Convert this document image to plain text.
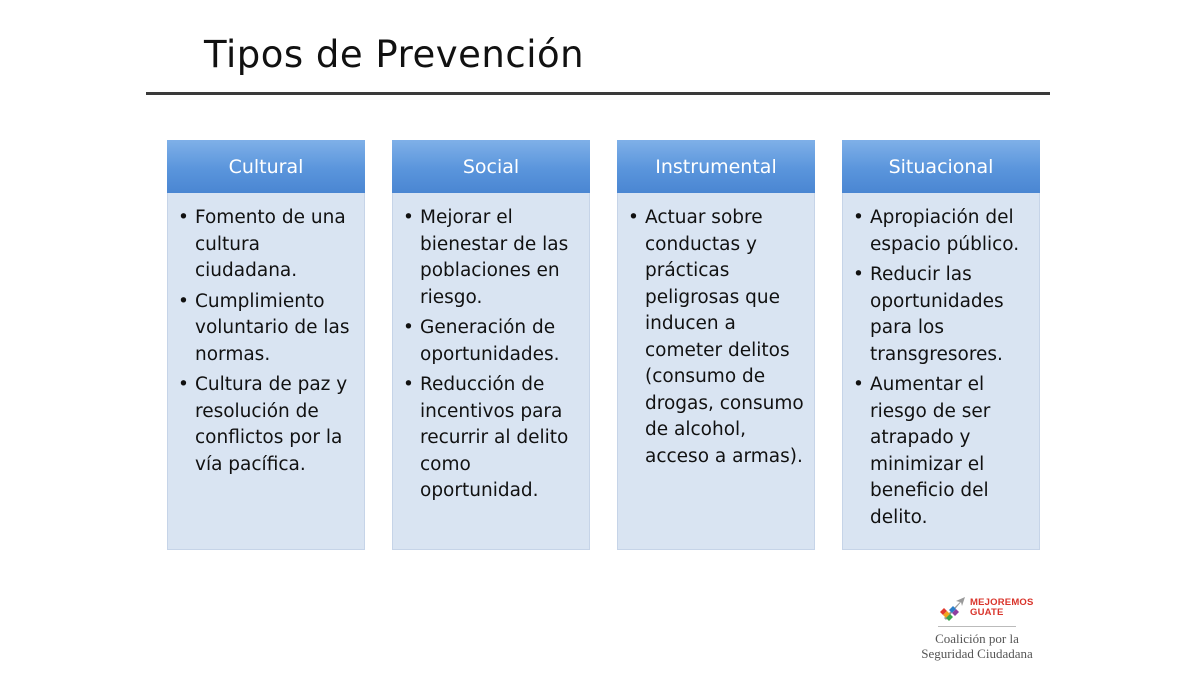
Tipos de Prevención
Cultural
• Fomento de una cultura ciudadana.
• Cumplimiento voluntario de las normas.
• Cultura de paz y resolución de conflictos por la vía pacífica.
Social
• Mejorar el bienestar de las poblaciones en riesgo.
• Generación de oportunidades.
• Reducción de incentivos para recurrir al delito como oportunidad.
Instrumental
• Actuar sobre conductas y prácticas peligrosas que inducen a cometer delitos (consumo de drogas, consumo de alcohol, acceso a armas).
Situacional
• Apropiación del espacio público.
• Reducir las oportunidades para los transgresores.
• Aumentar el riesgo de ser atrapado y minimizar el beneficio del delito.
MEJOREMOS
GUATE
Coalición por la
Seguridad Ciudadana
